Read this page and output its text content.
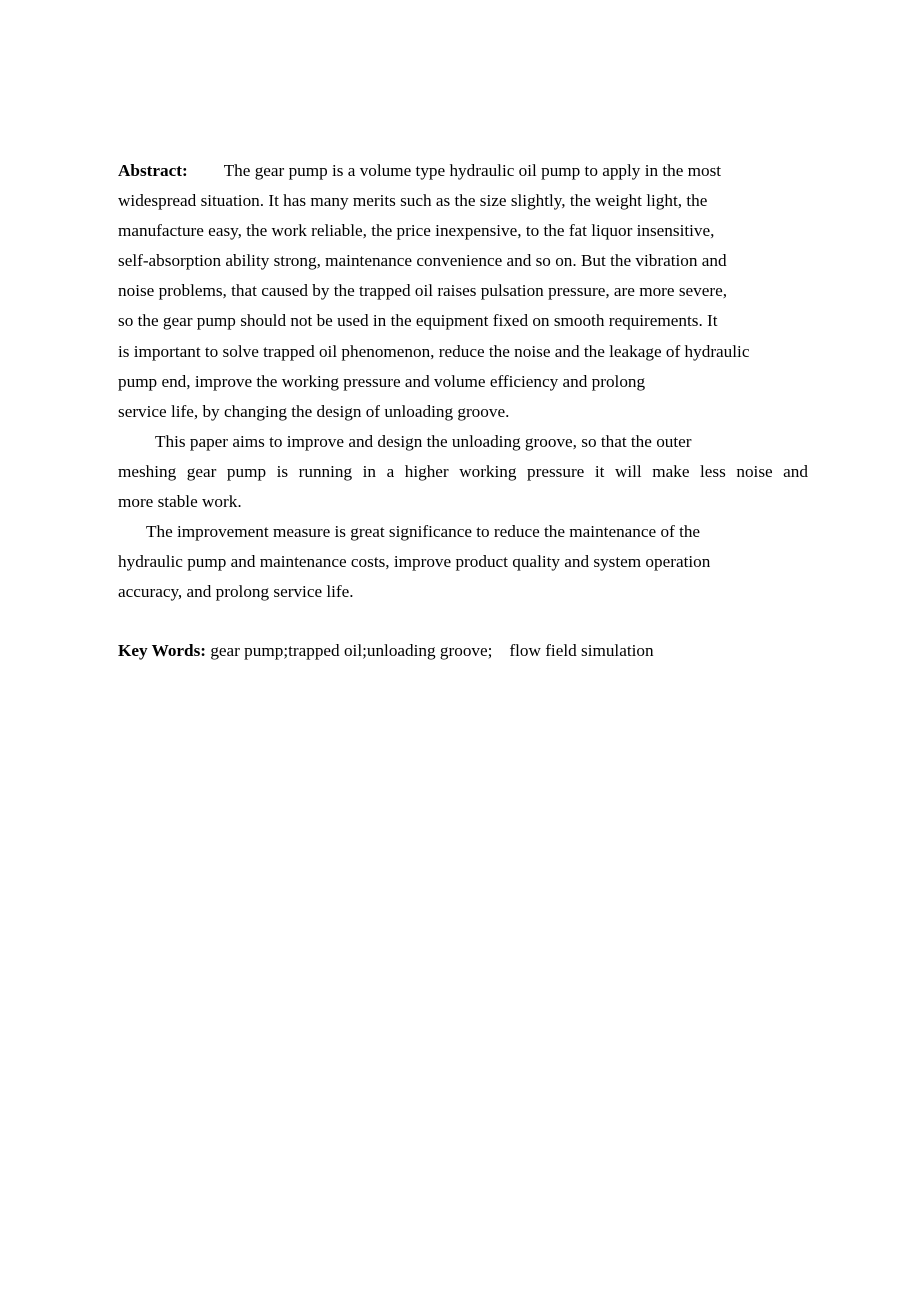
Abstract: The gear pump is a volume type hydraulic oil pump to apply in the most
widespread situation. It has many merits such as the size slightly, the weight light, the
manufacture easy, the work reliable, the price inexpensive, to the fat liquor insensitive,
self-absorption ability strong, maintenance convenience and so on. But the vibration and
noise problems, that caused by the trapped oil raises pulsation pressure, are more severe,
so the gear pump should not be used in the equipment fixed on smooth requirements. It
is important to solve trapped oil phenomenon, reduce the noise and the leakage of hydraulic
pump end, improve the working pressure and volume efficiency and prolong
service life, by changing the design of unloading groove.
This paper aims to improve and design the unloading groove, so that the outer
meshing gear pump is running in a higher working pressure it will make less noise and
more stable work.
The improvement measure is great significance to reduce the maintenance of the
hydraulic pump and maintenance costs, improve product quality and system operation
accuracy, and prolong service life.
Key Words: gear pump;trapped oil;unloading groove; flow field simulation
